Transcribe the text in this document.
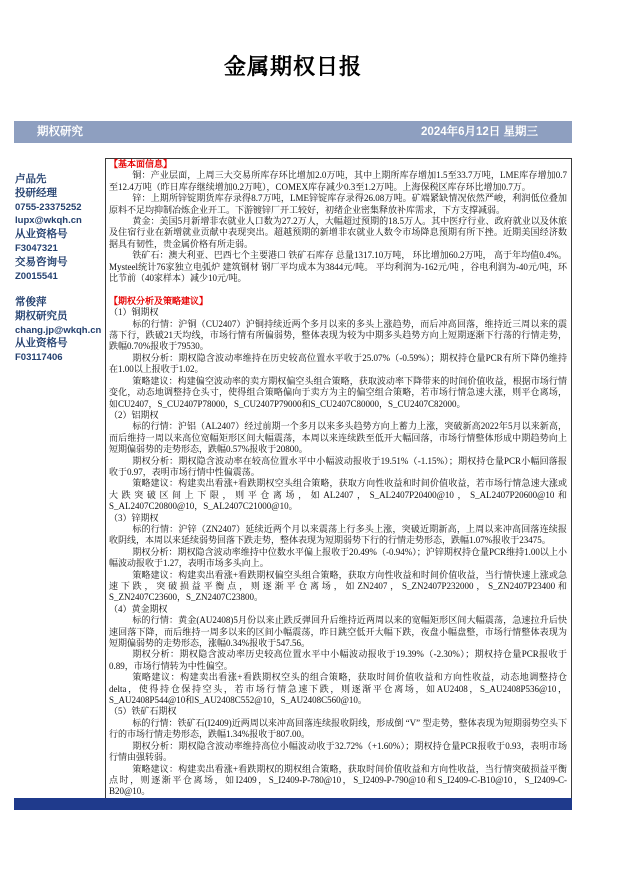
金属期权日报
期权研究	2024年6月12日 星期三
卢品先
投研经理
0755-23375252
lupx@wkqh.cn
从业资格号
F3047321
交易咨询号
Z0015541
常俊萍
期权研究员
chang.jp@wkqh.cn
从业资格号
F03117406

【基本面信息】

铜：产业层面，上周三大交易所库存环比增加2.0万吨，其中上期所库存增加1.5至33.7万吨，LME库存增加0.7至12.4万吨（昨日库存继续增加0.2万吨），COMEX库存减少0.3至1.2万吨。上海保税区库存环比增加0.7万。

锌：上期所锌锭期货库存录得8.7万吨，LME锌锭库存录得26.08万吨。矿端紧缺情况依然严峻，利润低位叠加原料不足均抑制冶炼企业开工。下游镀锌厂开工较好，初绪企业密集释放补库需求，下方支撑减弱。

黄金：美国5月新增非农就业人口数为27.2万人，大幅超过预期的18.5万人。其中医疗行业、政府就业以及休旅及住宿行业在新增就业贡献中表现突出。超越预期的新增非农就业人数令市场降息预期有所下挫。近期美国经济数据具有韧性，贵金属价格有所走弱。

铁矿石：澳大利亚、巴西七个主要港口 铁矿石库存 总量1317.10万吨， 环比增加60.2万吨， 高于年均值0.4%。Mysteel统计76家独立电弧炉 建筑钢材 钢厂平均成本为3844元/吨。 平均利润为-162元/吨 ，谷电利润为-40元/吨，环比节前（40家样本）减少10元/吨。

【期权分析及策略建议】

（1）铜期权

标的行情：沪铜（CU2407）沪铜持续近两个多月以来的多头上涨趋势，而后冲高回落，维持近三周以来的震荡下行，跌破21天均线，市场行情有所偏弱势，整体表现为较为中期多头趋势方向上短期逐渐下行荡的行情走势，跌幅0.70%报收于79530。

期权分析：期权隐含波动率维持在历史较高位置水平收于25.07%（-0.59%）；期权持仓量PCR有所下降仍维持在1.00以上报收于1.02。

策略建议：构建偏空波动率的卖方期权偏空头组合策略，获取波动率下降带来的时间价值收益，根据市场行情变化，动态地调整持仓头寸，使得组合策略偏向于卖方为主的偏空组合策略，若市场行情急速大涨，则平仓离场，如CU2407，S_CU2407P78000，S_CU2407P79000和S_CU2407C80000，S_CU2407C82000。

（2）铝期权

标的行情：沪铝（AL2407）经过前期一个多月以来多头趋势方向上蓄力上涨，突破新高2022年5月以来新高，而后维持一周以来高位宽幅矩形区间大幅震荡，本周以来连续跌至低开大幅回落，市场行情整体形成中期趋势向上短期偏弱势的走势形态，跌幅0.57%报收于20800。

期权分析：期权隐含波动率在较高位置水平中小幅波动报收于19.51%（-1.15%）；期权持仓量PCR小幅回落报收于0.97，表明市场行情中性偏震荡。

策略建议：构建卖出看涨+看跌期权空头组合策略，获取方向性收益和时间价值收益，若市场行情急速大涨或大跌突破区间上下限，则平仓离场，如AL2407，S_AL2407P20400@10，S_AL2407P20600@10和S_AL2407C20800@10，S_AL2407C21000@10。

（3）锌期权

标的行情：沪锌（ZN2407）延续近两个月以来震荡上行多头上涨，突破近期新高，上周以来冲高回落连续报收阴线，本周以来延续弱势回落下跌走势，整体表现为短期弱势下行的行情走势形态，跌幅1.07%报收于23475。

期权分析：期权隐含波动率维持中位数水平偏上报收于20.49%（-0.94%）；沪锌期权持仓量PCR维持1.00以上小幅波动报收于1.27，表明市场多头向上。

策略建议：构建卖出看涨+看跌期权偏空头组合策略，获取方向性收益和时间价值收益，当行情快速上涨或急速下跌，突破损益平衡点，则逐渐平仓离场，如ZN2407，S_ZN2407P232000，S_ZN2407P23400和S_ZN2407C23600，S_ZN2407C23800。

（4）黄金期权

标的行情：黄金(AU2408)5月份以来止跌反弹回升后维持近两周以来的宽幅矩形区间大幅震荡，急速拉升后快速回落下降，而后维持一周多以来的区间小幅震荡，昨日跳空低开大幅下跌，夜盘小幅盘整，市场行情整体表现为短期偏弱势的走势形态，涨幅0.34%报收于547.56。

期权分析：期权隐含波动率历史较高位置水平中小幅波动报收于19.39%（-2.30%）；期权持仓量PCR报收于0.89，市场行情转为中性偏空。

策略建议：构建卖出看涨+看跌期权空头的组合策略，获取时间价值收益和方向性收益，动态地调整持仓delta，使得持仓保持空头，若市场行情急速下跌，则逐渐平仓离场，如AU2408，S_AU2408P536@10，S_AU2408P544@10和S_AU2408C552@10，S_AU2408C560@10。

（5）铁矿石期权

标的行情：铁矿石(I2409)近两周以来冲高回落连续报收阴线，形成倒 “V” 型走势，整体表现为短期弱势空头下行的市场行情走势形态，跌幅1.34%报收于807.00。

期权分析：期权隐含波动率维持高位小幅波动收于32.72%（+1.60%）；期权持仓量PCR报收于0.93，表明市场行情由强转弱。

策略建议：构建卖出看涨+看跌期权的期权组合策略，获取时间价值收益和方向性收益，当行情突破损益平衡点时，则逐渐平仓离场，如I2409，S_I2409-P-780@10，S_I2409-P-790@10和S_I2409-C-B10@10，S_I2409-C-B20@10。
